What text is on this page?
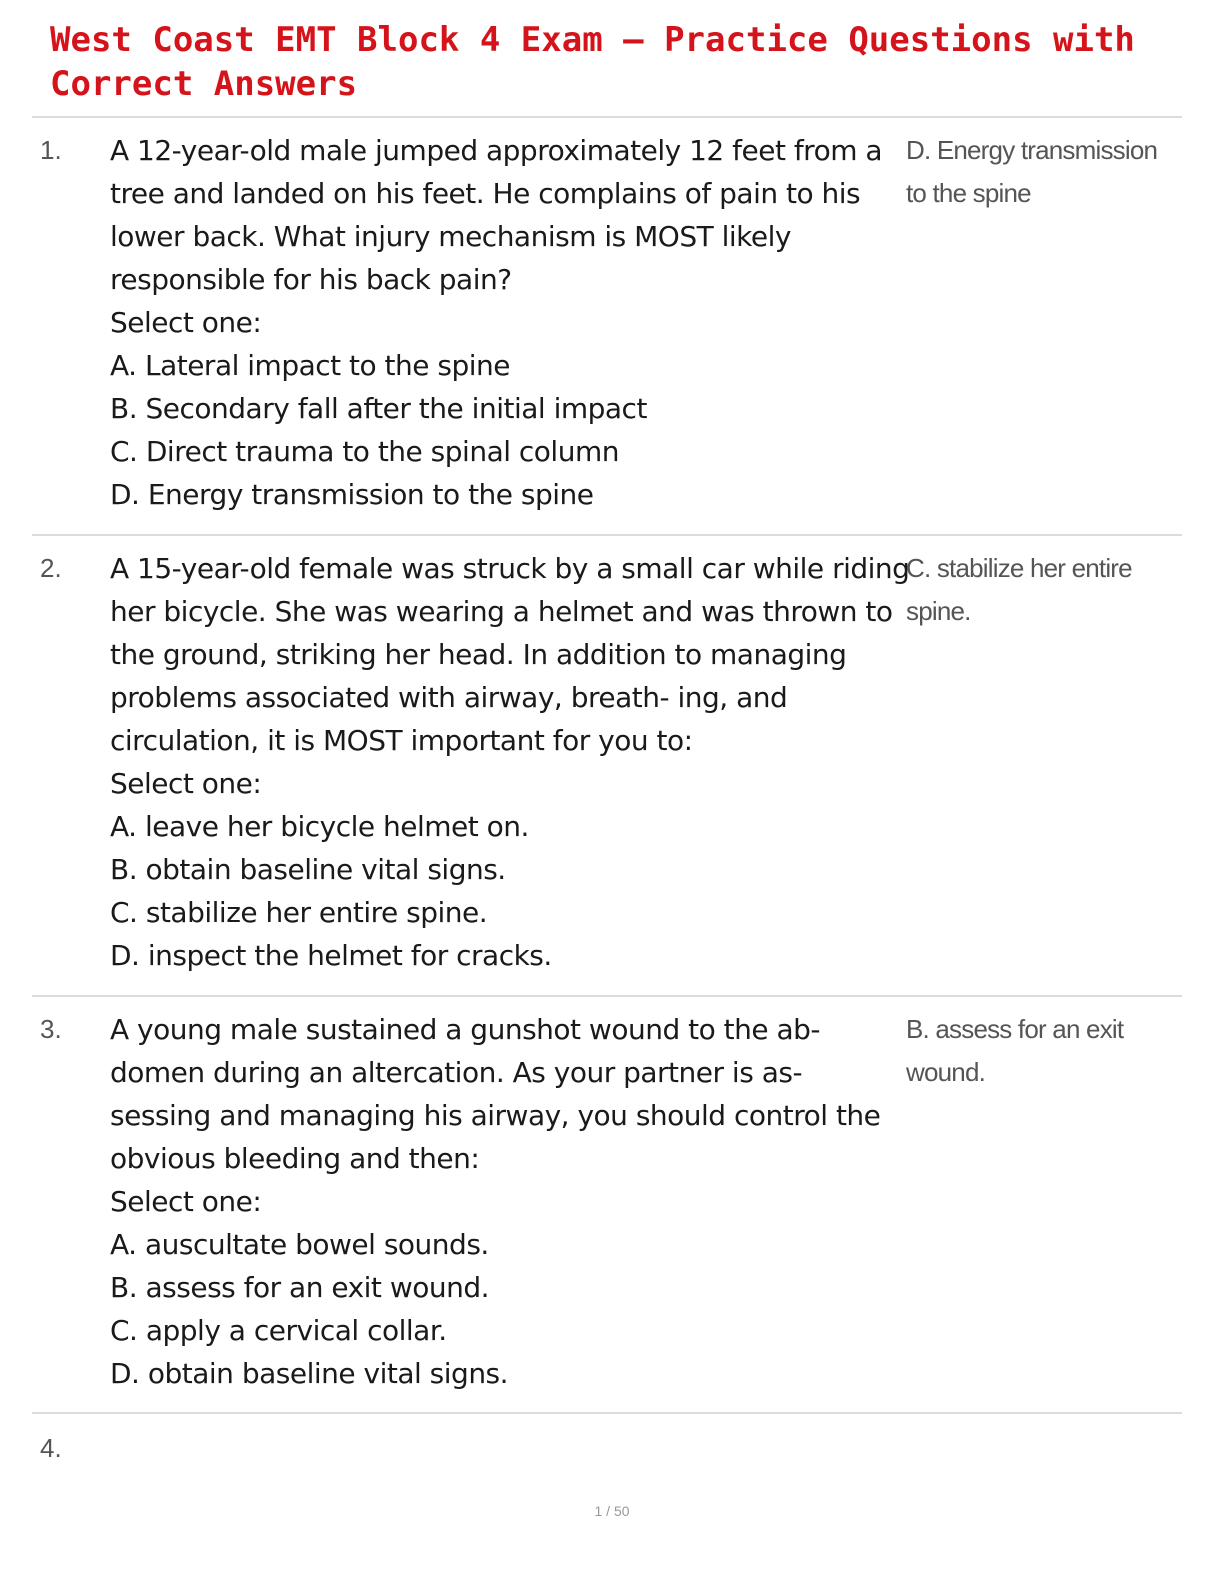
West Coast EMT Block 4 Exam – Practice Questions with Correct Answers
1. A 12-year-old male jumped approximately 12 feet from a tree and landed on his feet. He complains of pain to his lower back. What injury mechanism is MOST likely responsible for his back pain?

Select one:

A. Lateral impact to the spine

B. Secondary fall after the initial impact

C. Direct trauma to the spinal column

D. Energy transmission to the spine

D. Energy transmission to the spine
2. A 15-year-old female was struck by a small car while riding her bicycle. She was wearing a helmet and was thrown to the ground, striking her head. In addition to managing problems associated with airway, breath- ing, and circulation, it is MOST important for you to:

Select one:

A. leave her bicycle helmet on.

B. obtain baseline vital signs.

C. stabilize her entire spine.

D. inspect the helmet for cracks.

C. stabilize her entire spine.
3. A young male sustained a gunshot wound to the ab- domen during an altercation. As your partner is as- sessing and managing his airway, you should control the obvious bleeding and then:

Select one:

A. auscultate bowel sounds.

B. assess for an exit wound.

C. apply a cervical collar.

D. obtain baseline vital signs.

B. assess for an exit wound.
4.
1 / 50
